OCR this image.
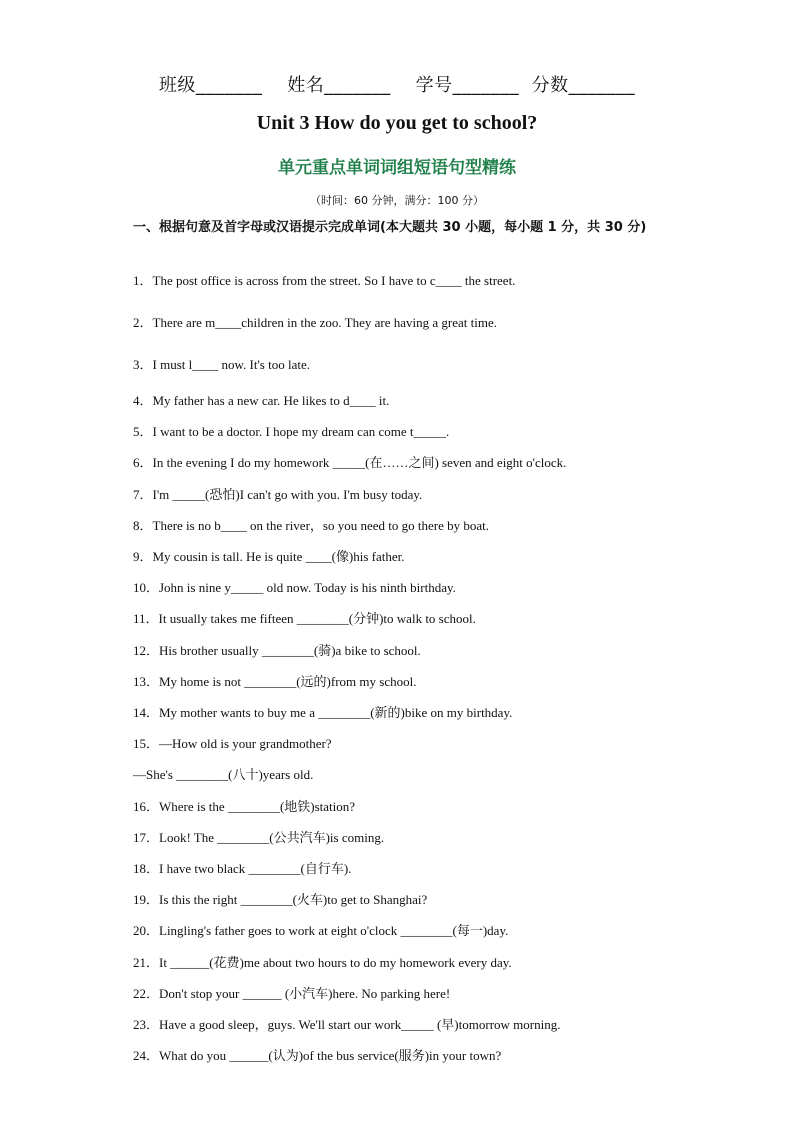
班级_______    姓名_______    学号_______  分数_______
Unit 3 How do you get to school?
单元重点单词词组短语句型精练
（时间：60 分钟，满分：100 分）
一、根据句意及首字母或汉语提示完成单词(本大题共 30 小题，每小题 1 分，共 30 分)
1．The post office is across from the street. So I have to c____ the street.
2．There are m____children in the zoo. They are having a great time.
3．I must l____ now. It's too late.
4．My father has a new car. He likes to d____ it.
5．I want to be a doctor. I hope my dream can come t_____.
6．In the evening I do my homework _____(在……之间) seven and eight o'clock.
7．I'm _____(恐怕)I can't go with you. I'm busy today.
8．There is no b____ on the river，so you need to go there by boat.
9．My cousin is tall. He is quite ____(像)his father.
10．John is nine y_____ old now. Today is his ninth birthday.
11．It usually takes me fifteen ________(分钟)to walk to school.
12．His brother usually ________(骑)a bike to school.
13．My home is not ________(远的)from my school.
14．My mother wants to buy me a ________(新的)bike on my birthday.
15．—How old is your grandmother?
—She's ________(八十)years old.
16．Where is the ________(地铁)station?
17．Look! The ________(公共汽车)is coming.
18．I have two black ________(自行车).
19．Is this the right ________(火车)to get to Shanghai?
20．Lingling's father goes to work at eight o'clock ________(每一)day.
21．It ______(花费)me about two hours to do my homework every day.
22．Don't stop your ______ (小汽车)here. No parking here!
23．Have a good sleep，guys. We'll start our work_____ (早)tomorrow morning.
24．What do you ______(认为)of the bus service(服务)in your town?
